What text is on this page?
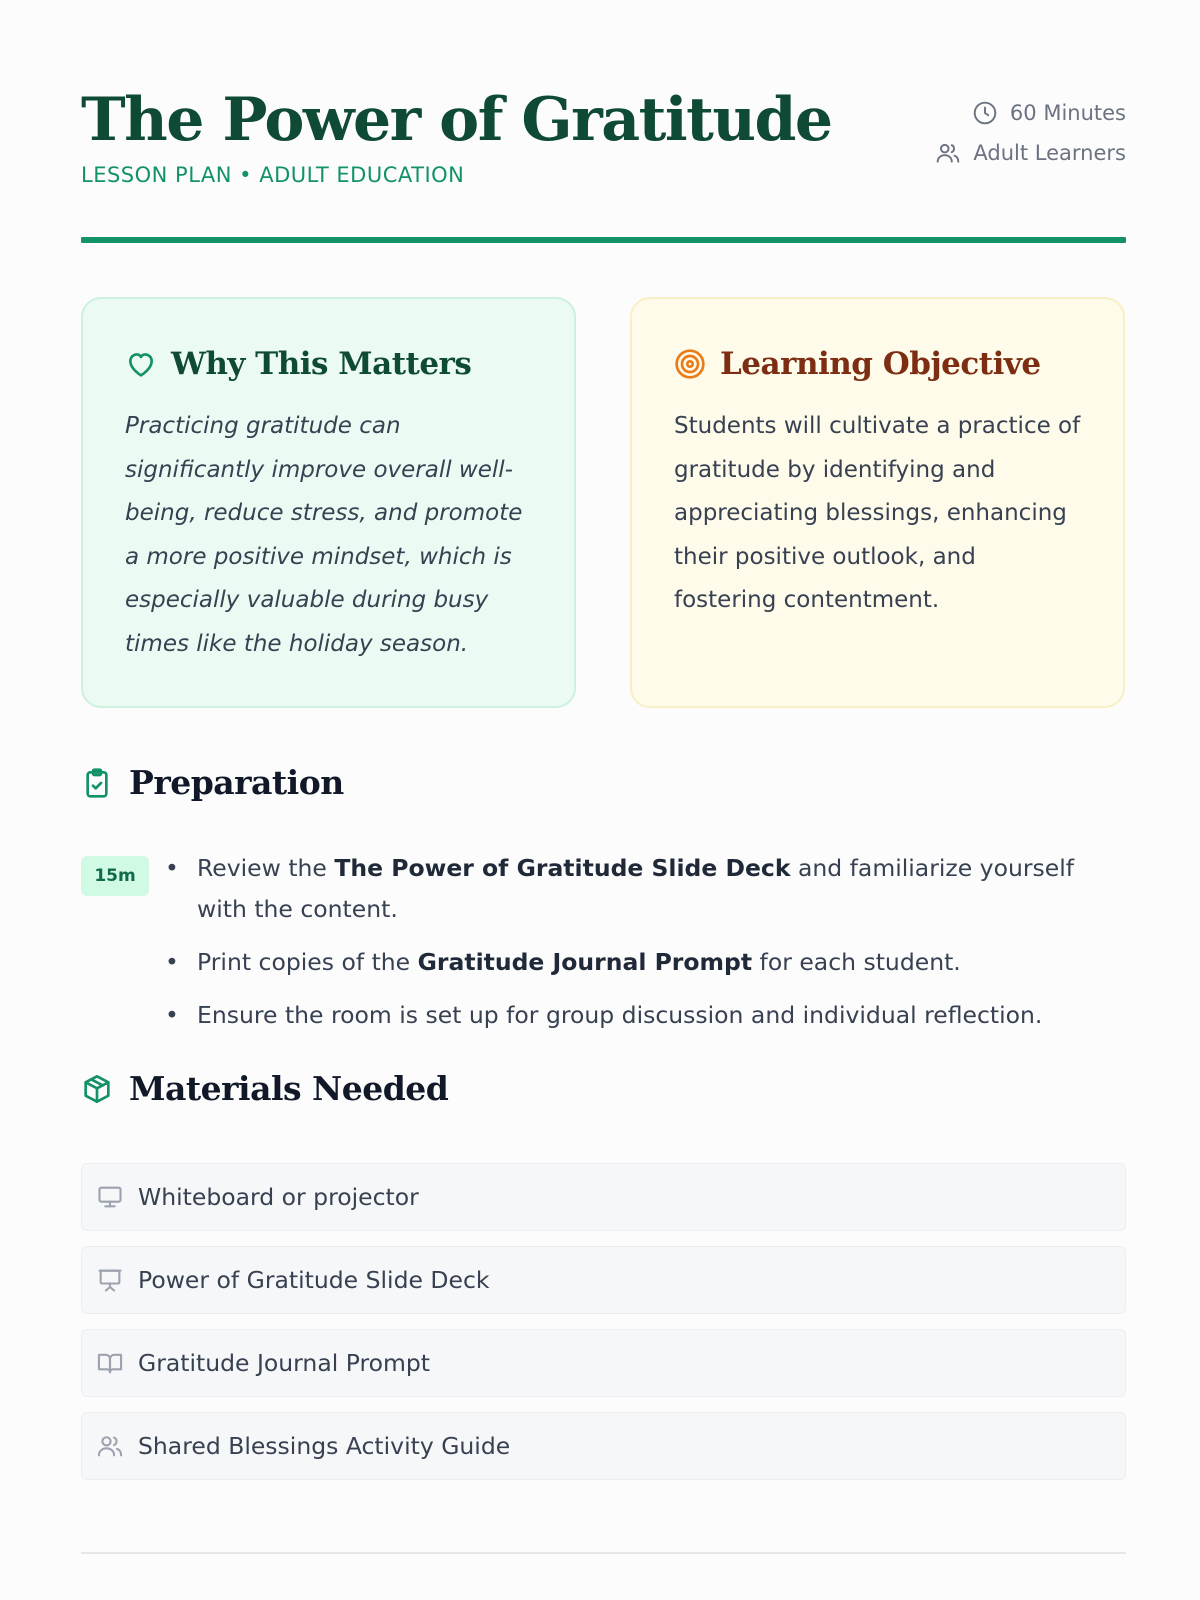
The Power of Gratitude
LESSON PLAN • ADULT EDUCATION
60 Minutes
Adult Learners
Why This Matters
Practicing gratitude can significantly improve overall well-being, reduce stress, and promote a more positive mindset, which is especially valuable during busy times like the holiday season.
Learning Objective
Students will cultivate a practice of gratitude by identifying and appreciating blessings, enhancing their positive outlook, and fostering contentment.
Preparation
15m
•	Review the The Power of Gratitude Slide Deck and familiarize yourself with the content.
• Print copies of the Gratitude Journal Prompt for each student.
• Ensure the room is set up for group discussion and individual reflection.
Materials Needed
Whiteboard or projector
Power of Gratitude Slide Deck
Gratitude Journal Prompt
Shared Blessings Activity Guide
